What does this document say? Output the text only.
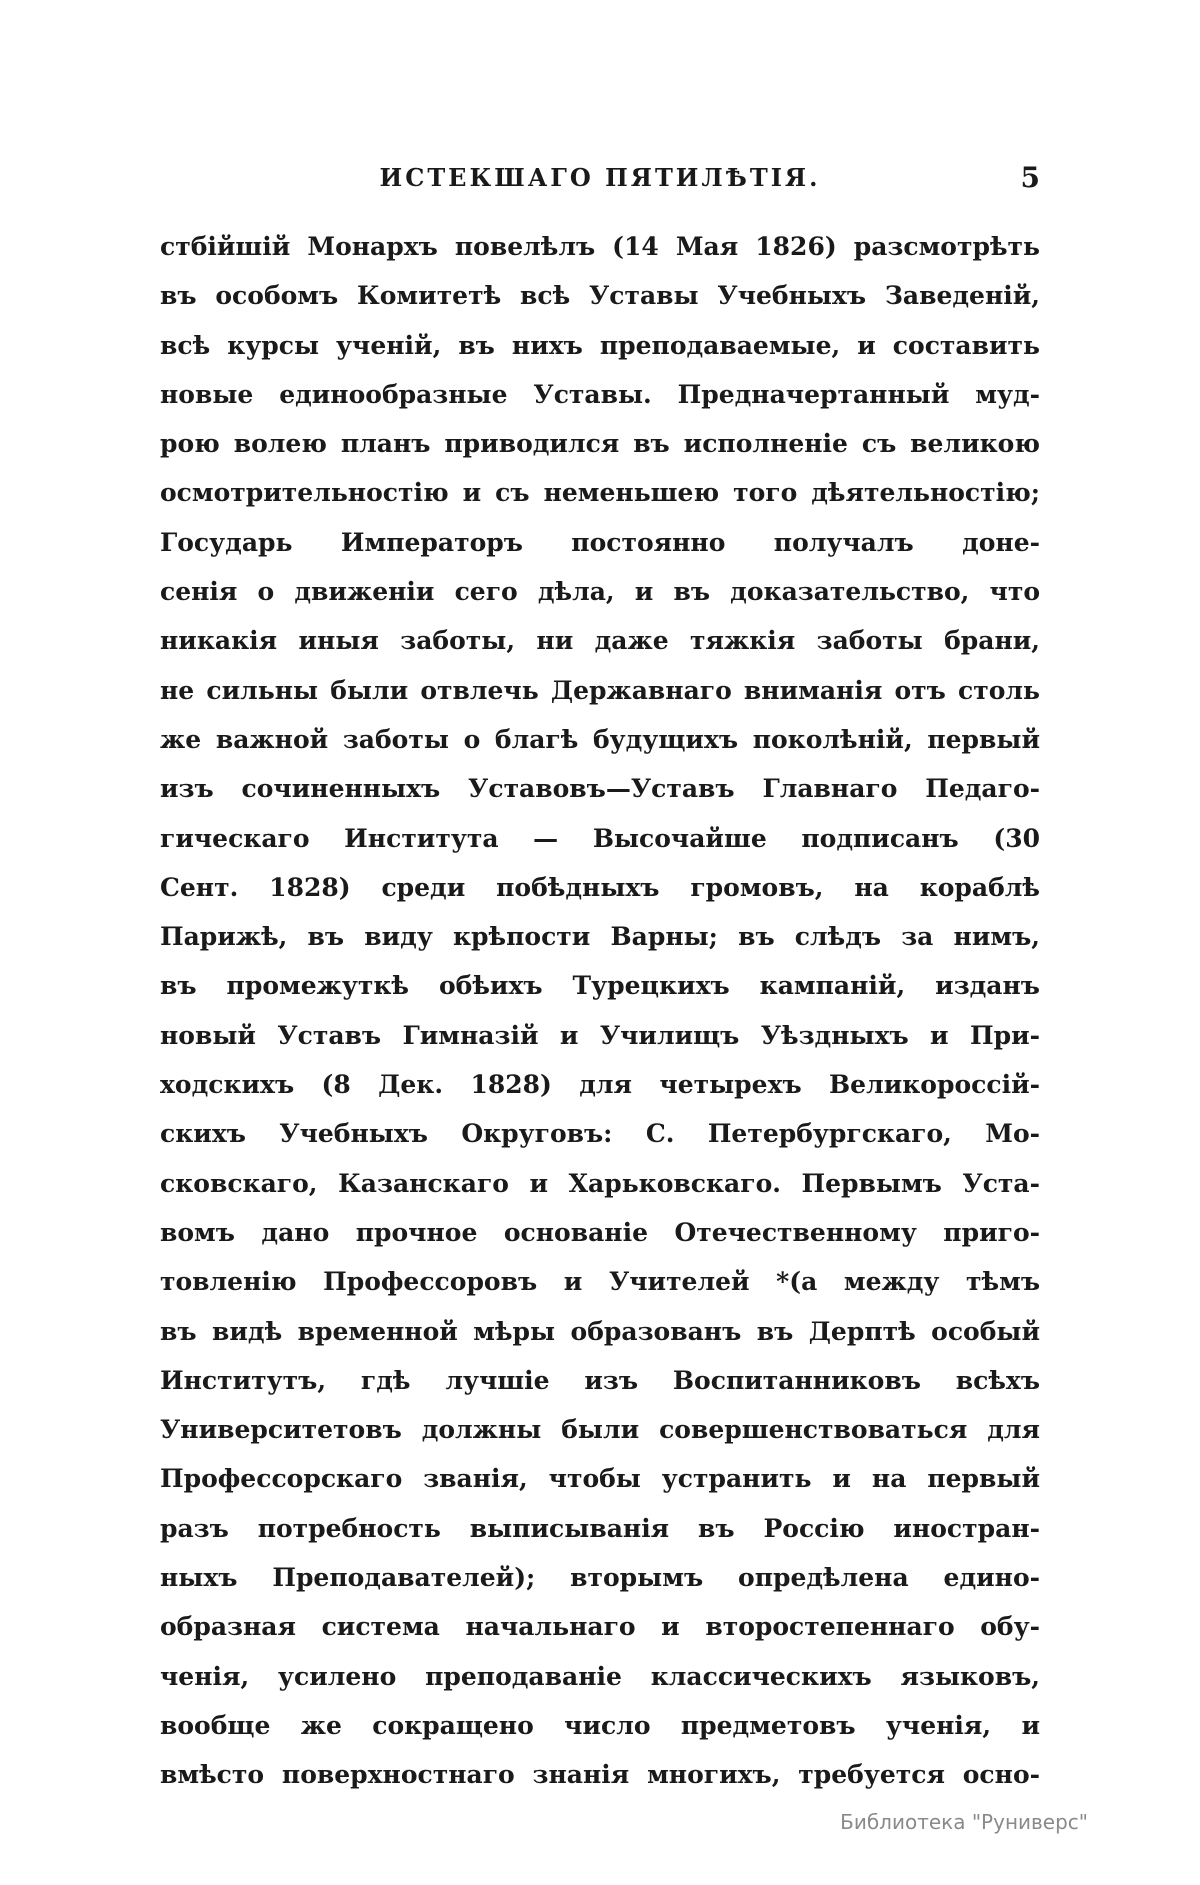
ИСТЕКШАГО ПЯТИЛѢТІЯ.	5
стбійшій Монархъ повелѣлъ (14 Мая 1826) разсмотрѣть
въ особомъ Комитетѣ всѣ Уставы Учебныхъ Заведеній,
всѣ курсы ученій, въ нихъ преподаваемые, и составить
новые единообразные Уставы. Предначертанный муд-
рою волею планъ приводился въ исполненіе съ великою
осмотрительностію и съ неменьшею того дѣятельностію;
Государь Императоръ постоянно получалъ доне-
сенія о движеніи сего дѣла, и въ доказательство, что
никакія иныя заботы, ни даже тяжкія заботы брани,
не сильны были отвлечь Державнаго вниманія отъ столь
же важной заботы о благѣ будущихъ поколѣній, первый
изъ сочиненныхъ Уставовъ—Уставъ Главнаго Педаго-
гическаго Института — Высочайше подписанъ (30
Сент. 1828) среди побѣдныхъ громовъ, на кораблѣ
Парижѣ, въ виду крѣпости Варны; въ слѣдъ за нимъ,
въ промежуткѣ обѣихъ Турецкихъ кампаній, изданъ
новый Уставъ Гимназій и Училищъ Уѣздныхъ и При-
ходскихъ (8 Дек. 1828) для четырехъ Великороссій-
скихъ Учебныхъ Округовъ: С. Петербургскаго, Мо-
сковскаго, Казанскаго и Харьковскаго. Первымъ Уста-
вомъ дано прочное основаніе Отечественному приго-
товленію Профессоровъ и Учителей *(а между тѣмъ
въ видѣ временной мѣры образованъ въ Дерптѣ особый
Институтъ, гдѣ лучшіе изъ Воспитанниковъ всѣхъ
Университетовъ должны были совершенствоваться для
Профессорскаго званія, чтобы устранить и на первый
разъ потребность выписыванія въ Россію иностран-
ныхъ Преподавателей); вторымъ опредѣлена едино-
образная система начальнаго и второстепеннаго обу-
ченія, усилено преподаваніе классическихъ языковъ,
вообще же сокращено число предметовъ ученія, и
вмѣсто поверхностнаго знанія многихъ, требуется осно-
Библиотека "Руниверс"
